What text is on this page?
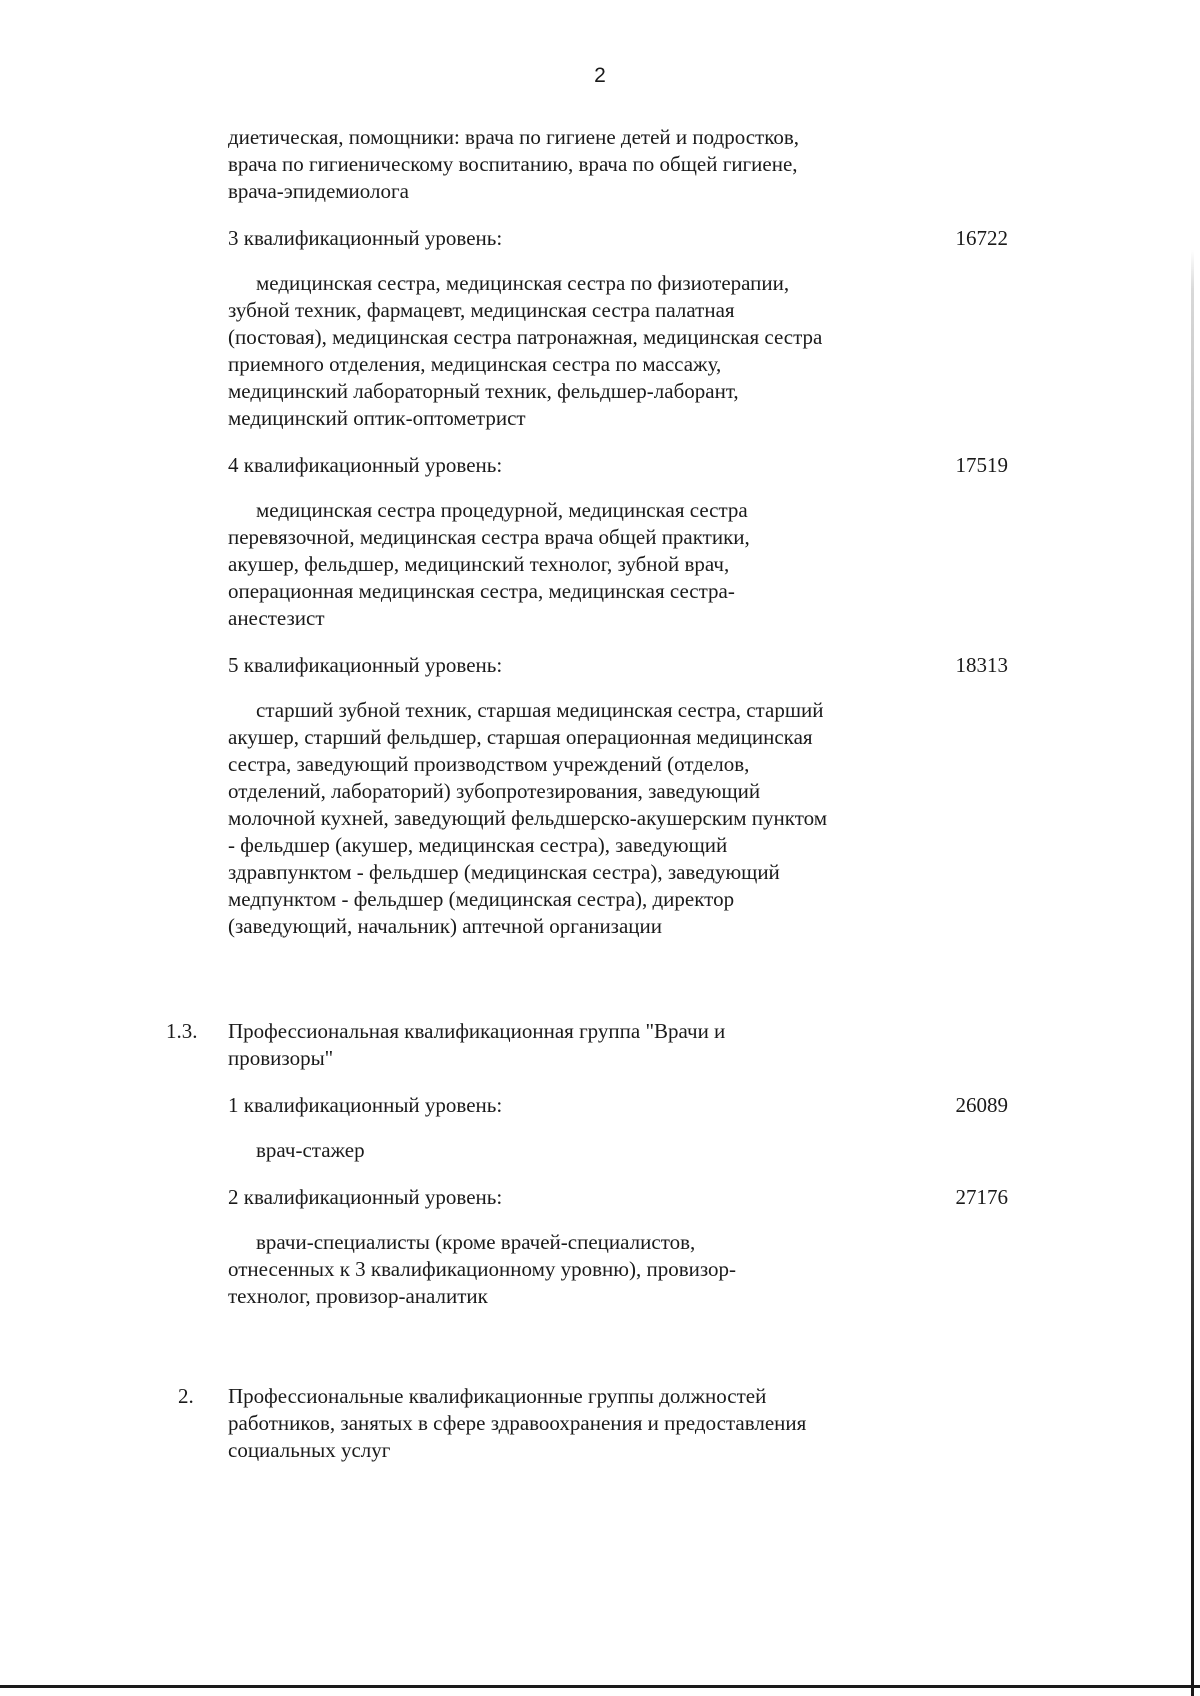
2

диетическая, помощники: врача по гигиене детей и подростков, врача по гигиеническому воспитанию, врача по общей гигиене, врача-эпидемиолога

3 квалификационный уровень:	16722

медицинская сестра, медицинская сестра по физиотерапии, зубной техник, фармацевт, медицинская сестра палатная (постовая), медицинская сестра патронажная, медицинская сестра приемного отделения, медицинская сестра по массажу, медицинский лабораторный техник, фельдшер-лаборант, медицинский оптик-оптометрист

4 квалификационный уровень:	17519

медицинская сестра процедурной, медицинская сестра перевязочной, медицинская сестра врача общей практики, акушер, фельдшер, медицинский технолог, зубной врач, операционная медицинская сестра, медицинская сестра-анестезист

5 квалификационный уровень:	18313

старший зубной техник, старшая медицинская сестра, старший акушер, старший фельдшер, старшая операционная медицинская сестра, заведующий производством учреждений (отделов, отделений, лабораторий) зубопротезирования, заведующий молочной кухней, заведующий фельдшерско-акушерским пунктом - фельдшер (акушер, медицинская сестра), заведующий здравпунктом - фельдшер (медицинская сестра), заведующий медпунктом - фельдшер (медицинская сестра), директор (заведующий, начальник) аптечной организации

1.3. Профессиональная квалификационная группа "Врачи и провизоры"

1 квалификационный уровень:	26089

врач-стажер

2 квалификационный уровень:	27176

врачи-специалисты (кроме врачей-специалистов, отнесенных к 3 квалификационному уровню), провизор-технолог, провизор-аналитик

2. Профессиональные квалификационные группы должностей работников, занятых в сфере здравоохранения и предоставления социальных услуг
